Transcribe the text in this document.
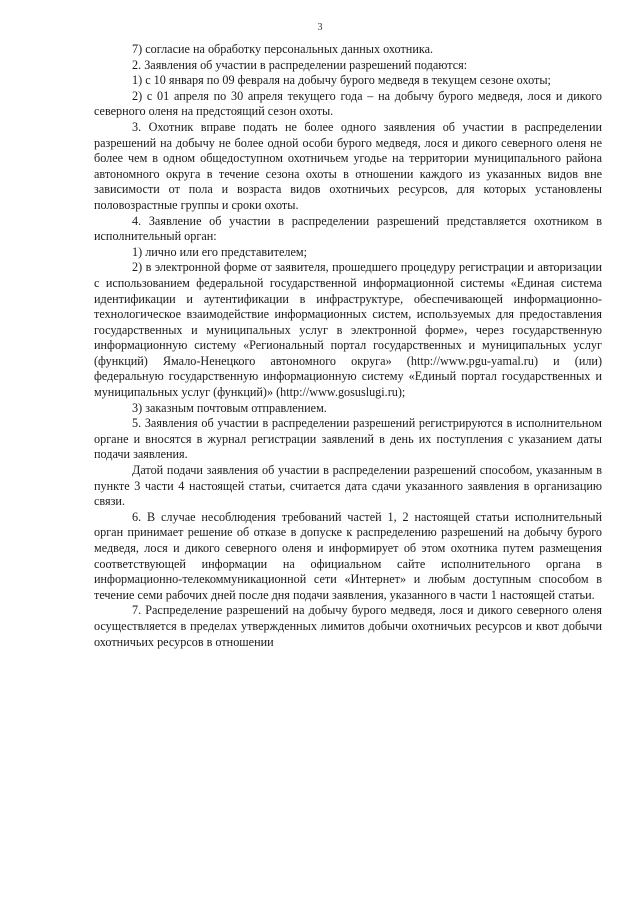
3

7) согласие на обработку персональных данных охотника.

2. Заявления об участии в распределении разрешений подаются:

1) с 10 января по 09 февраля на добычу бурого медведя в текущем сезоне охоты;

2) с 01 апреля по 30 апреля текущего года – на добычу бурого медведя, лося и дикого северного оленя на предстоящий сезон охоты.

3. Охотник вправе подать не более одного заявления об участии в распределении разрешений на добычу не более одной особи бурого медведя, лося и дикого северного оленя не более чем в одном общедоступном охотничьем угодье на территории муниципального района автономного округа в течение сезона охоты в отношении каждого из указанных видов вне зависимости от пола и возраста видов охотничьих ресурсов, для которых установлены половозрастные группы и сроки охоты.

4. Заявление об участии в распределении разрешений представляется охотником в исполнительный орган:

1) лично или его представителем;

2) в электронной форме от заявителя, прошедшего процедуру регистрации и авторизации с использованием федеральной государственной информационной системы «Единая система идентификации и аутентификации в инфраструктуре, обеспечивающей информационно-технологическое взаимодействие информационных систем, используемых для предоставления государственных и муниципальных услуг в электронной форме», через государственную информационную систему «Региональный портал государственных и муниципальных услуг (функций) Ямало-Ненецкого автономного округа» (http://www.pgu-yamal.ru) и (или) федеральную государственную информационную систему «Единый портал государственных и муниципальных услуг (функций)» (http://www.gosuslugi.ru);

3) заказным почтовым отправлением.

5. Заявления об участии в распределении разрешений регистрируются в исполнительном органе и вносятся в журнал регистрации заявлений в день их поступления с указанием даты подачи заявления.

Датой подачи заявления об участии в распределении разрешений способом, указанным в пункте 3 части 4 настоящей статьи, считается дата сдачи указанного заявления в организацию связи.

6. В случае несоблюдения требований частей 1, 2 настоящей статьи исполнительный орган принимает решение об отказе в допуске к распределению разрешений на добычу бурого медведя, лося и дикого северного оленя и информирует об этом охотника путем размещения соответствующей информации на официальном сайте исполнительного органа в информационно-телекоммуникационной сети «Интернет» и любым доступным способом в течение семи рабочих дней после дня подачи заявления, указанного в части 1 настоящей статьи.

7. Распределение разрешений на добычу бурого медведя, лося и дикого северного оленя осуществляется в пределах утвержденных лимитов добычи охотничьих ресурсов и квот добычи охотничьих ресурсов в отношении
